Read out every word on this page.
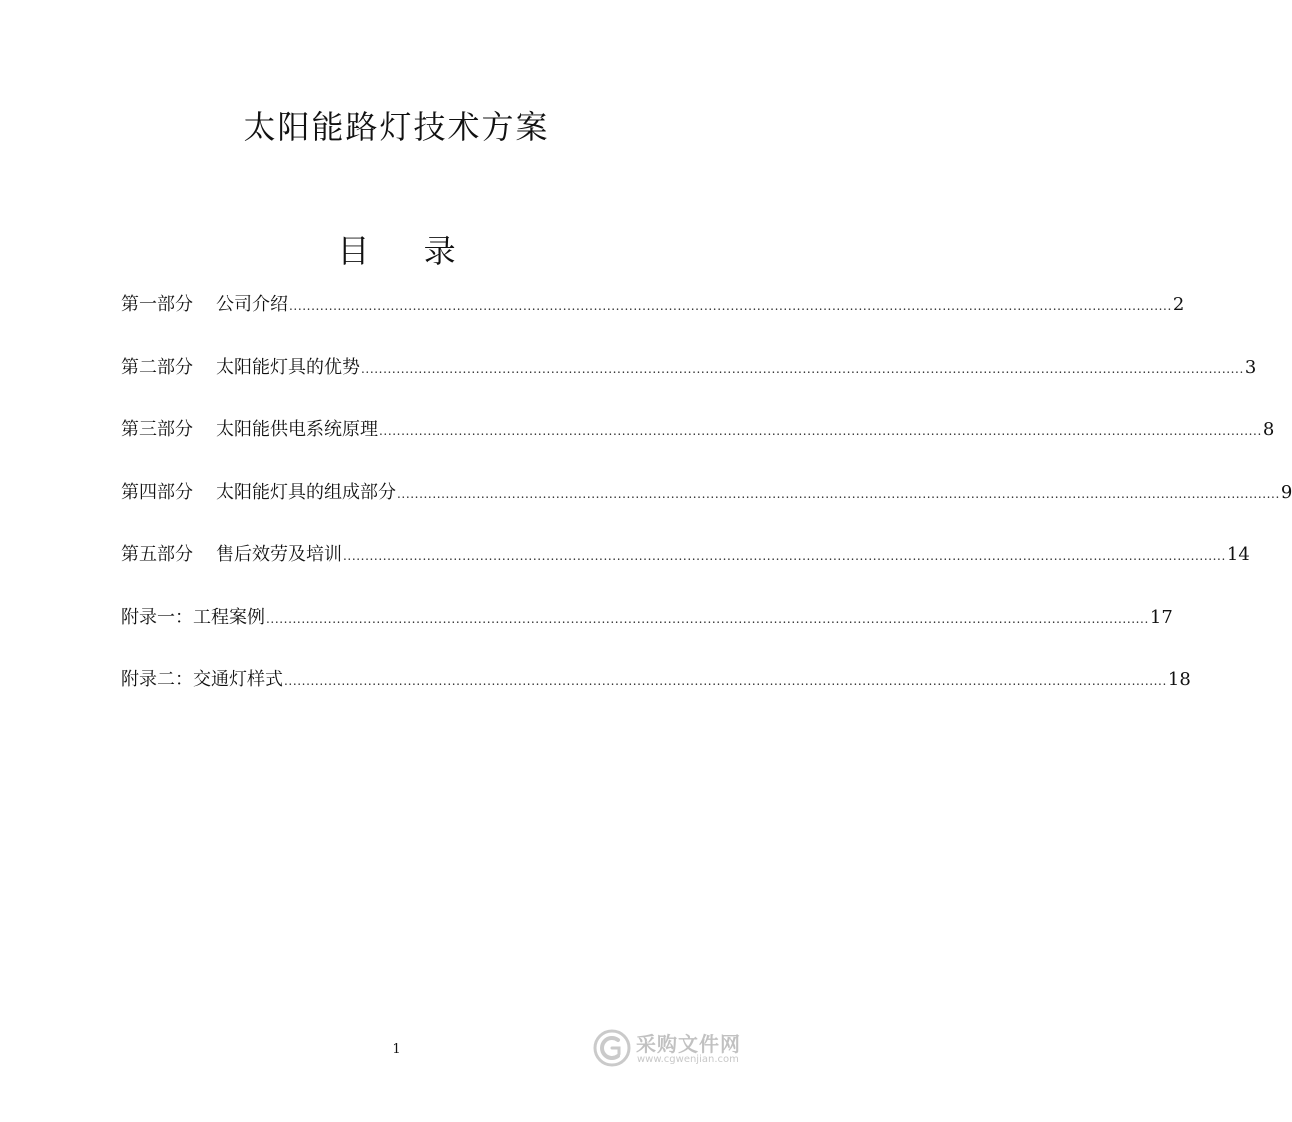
太阳能路灯技术方案
目 录
第一部分 公司介绍 ........................................................................................................................................................................................................ 2
第二部分 太阳能灯具的优势 ........................................................................................................................................................................................................ 3
第三部分 太阳能供电系统原理 ........................................................................................................................................................................................................ 8
第四部分 太阳能灯具的组成部分 ........................................................................................................................................................................................................ 9
第五部分 售后效劳及培训 ........................................................................................................................................................................................................ 14
附录一：工程案例 ........................................................................................................................................................................................................ 17
附录二：交通灯样式 ........................................................................................................................................................................................................ 18
1	采购文件网
www.cgwenjian.com
